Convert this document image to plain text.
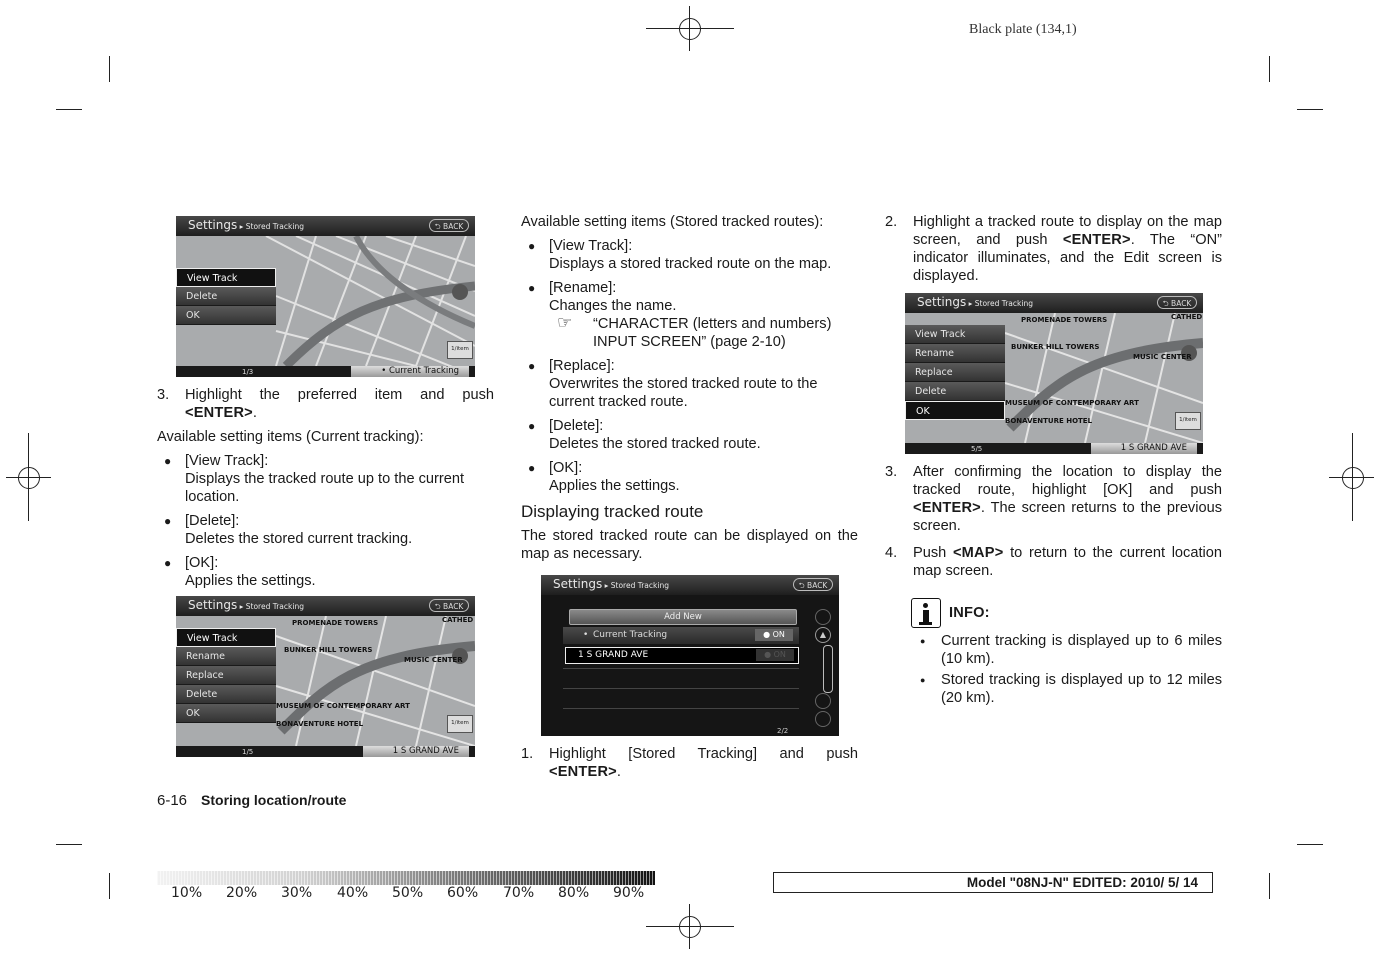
Black plate (134,1)
Settings ▸ Stored Tracking	⮌ BACK
View Track
Delete
OK
1/item
1/3	• Current Tracking
3.	Highlight the preferred item and push <ENTER>.

Available setting items (Current tracking):

● [View Track]:
Displays the tracked route up to the current location.
● [Delete]:
Deletes the stored current tracking.
● [OK]:
Applies the settings.
PROMENADE TOWERS	CATHED
BUNKER HILL TOWERS
MUSIC CENTER
MUSEUM OF CONTEMPORARY ART
BONAVENTURE HOTEL
Settings ▸ Stored Tracking	⮌ BACK
View Track
Rename
Replace
Delete
OK
1/item
1/5	1 S GRAND AVE

Available setting items (Stored tracked routes):

● [View Track]:
Displays a stored tracked route on the map.
● [Rename]:
Changes the name.
☞	“CHARACTER (letters and numbers) INPUT SCREEN” (page 2-10)
● [Replace]:
Overwrites the stored tracked route to the current tracked route.
● [Delete]:
Deletes the stored tracked route.
● [OK]:
Applies the settings.

Displaying tracked route

The stored tracked route can be displayed on the map as necessary.

Settings ▸ Stored Tracking	⮌ BACK
Add New
Current Tracking
•	● ON
1 S GRAND AVE	● ON
▲
2/2
1.	Highlight [Stored Tracking] and push <ENTER>.
2.	Highlight a tracked route to display on the map screen, and push <ENTER>. The “ON” indicator illuminates, and the Edit screen is displayed.
PROMENADE TOWERS	CATHED
BUNKER HILL TOWERS
MUSIC CENTER
MUSEUM OF CONTEMPORARY ART
BONAVENTURE HOTEL
Settings ▸ Stored Tracking	⮌ BACK
View Track
Rename
Replace
Delete
OK
1/item
5/5	1 S GRAND AVE
3.	After confirming the location to display the tracked route, highlight [OK] and push <ENTER>. The screen returns to the previous screen.
4.	Push <MAP> to return to the current location map screen.
INFO:
●	Current tracking is displayed up to 6 miles (10 km).
●	Stored tracking is displayed up to 12 miles (20 km).
6-16 Storing location/route
10% 20% 30% 40% 50% 60% 70% 80% 90%
Model "08NJ-N" EDITED: 2010/ 5/ 14
